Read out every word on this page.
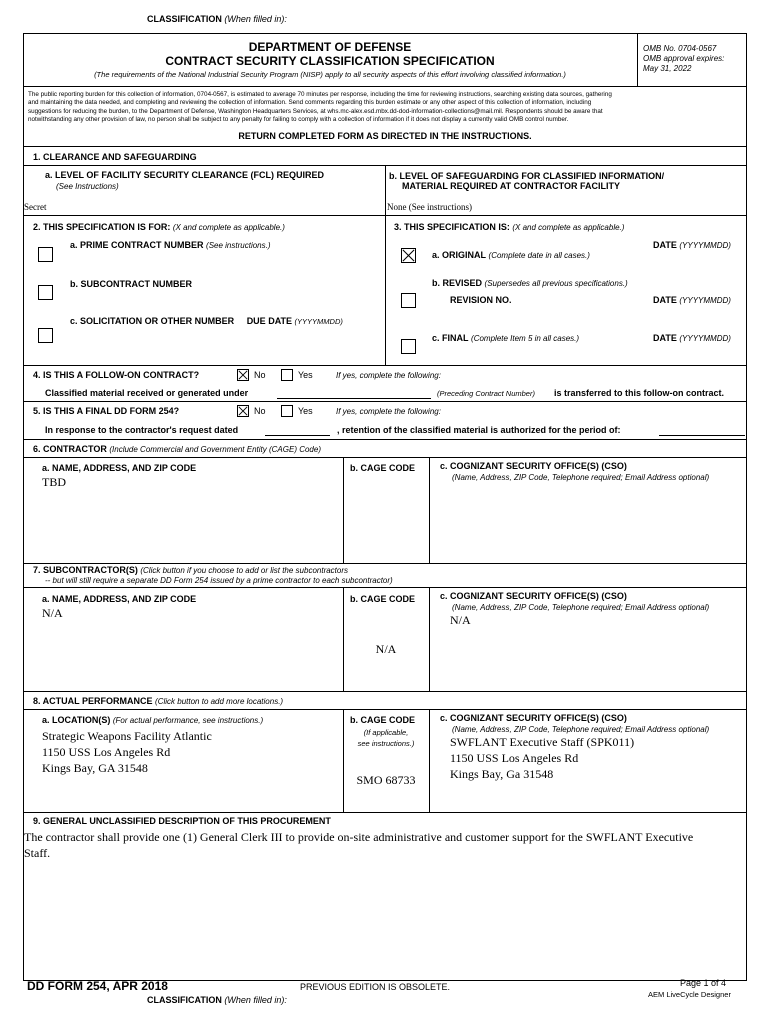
CLASSIFICATION (When filled in):
DEPARTMENT OF DEFENSE
CONTRACT SECURITY CLASSIFICATION SPECIFICATION
(The requirements of the National Industrial Security Program (NISP) apply to all security aspects of this effort involving classified information.)
OMB No. 0704-0567
OMB approval expires:
May 31, 2022
The public reporting burden for this collection of information, 0704-0567, is estimated to average 70 minutes per response, including the time for reviewing instructions, searching existing data sources, gathering
and maintaining the data needed, and completing and reviewing the collection of information. Send comments regarding this burden estimate or any other aspect of this collection of information, including
suggestions for reducing the burden, to the Department of Defense, Washington Headquarters Services, at whs.mc-alex.esd.mbx.dd-dod-information-collections@mail.mil. Respondents should be aware that
notwithstanding any other provision of law, no person shall be subject to any penalty for failing to comply with a collection of information if it does not display a currently valid OMB control number.
RETURN COMPLETED FORM AS DIRECTED IN THE INSTRUCTIONS.
1. CLEARANCE AND SAFEGUARDING
a. LEVEL OF FACILITY SECURITY CLEARANCE (FCL) REQUIRED
(See Instructions)
Secret
b. LEVEL OF SAFEGUARDING FOR CLASSIFIED INFORMATION/
MATERIAL REQUIRED AT CONTRACTOR FACILITY
None (See instructions)
2. THIS SPECIFICATION IS FOR: (X and complete as applicable.)
a. PRIME CONTRACT NUMBER (See instructions.)
b. SUBCONTRACT NUMBER
c. SOLICITATION OR OTHER NUMBER DUE DATE (YYYYMMDD)
3. THIS SPECIFICATION IS: (X and complete as applicable.)
DATE (YYYYMMDD)
a. ORIGINAL (Complete date in all cases.)
b. REVISED (Supersedes all previous specifications.)
REVISION NO.	DATE (YYYYMMDD)
c. FINAL (Complete Item 5 in all cases.)	DATE (YYYYMMDD)
4. IS THIS A FOLLOW-ON CONTRACT?	No	Yes	If yes, complete the following:
Classified material received or generated under	(Preceding Contract Number) is transferred to this follow-on contract.
5. IS THIS A FINAL DD FORM 254?	No	Yes	If yes, complete the following:
In response to the contractor's request dated	, retention of the classified material is authorized for the period of:
6. CONTRACTOR (Include Commercial and Government Entity (CAGE) Code)
a. NAME, ADDRESS, AND ZIP CODE
TBD
b. CAGE CODE	c. COGNIZANT SECURITY OFFICE(S) (CSO)
(Name, Address, ZIP Code, Telephone required; Email Address optional)
7. SUBCONTRACTOR(S) (Click button if you choose to add or list the subcontractors
-- but will still require a separate DD Form 254 issued by a prime contractor to each subcontractor)
a. NAME, ADDRESS, AND ZIP CODE
N/A
b. CAGE CODE
N/A
c. COGNIZANT SECURITY OFFICE(S) (CSO)
(Name, Address, ZIP Code, Telephone required; Email Address optional)
N/A
8. ACTUAL PERFORMANCE (Click button to add more locations.)
a. LOCATION(S) (For actual performance, see instructions.)
Strategic Weapons Facility Atlantic
1150 USS Los Angeles Rd
Kings Bay, GA 31548
b. CAGE CODE
(If applicable,
see instructions.)
SMO 68733
c. COGNIZANT SECURITY OFFICE(S) (CSO)
(Name, Address, ZIP Code, Telephone required; Email Address optional)
SWFLANT Executive Staff (SPK011)
1150 USS Los Angeles Rd
Kings Bay, Ga 31548
9. GENERAL UNCLASSIFIED DESCRIPTION OF THIS PROCUREMENT
The contractor shall provide one (1) General Clerk III to provide on-site administrative and customer support for the SWFLANT Executive
Staff.
DD FORM 254, APR 2018	PREVIOUS EDITION IS OBSOLETE.	Page 1 of 4
AEM LiveCycle Designer
CLASSIFICATION (When filled in):
